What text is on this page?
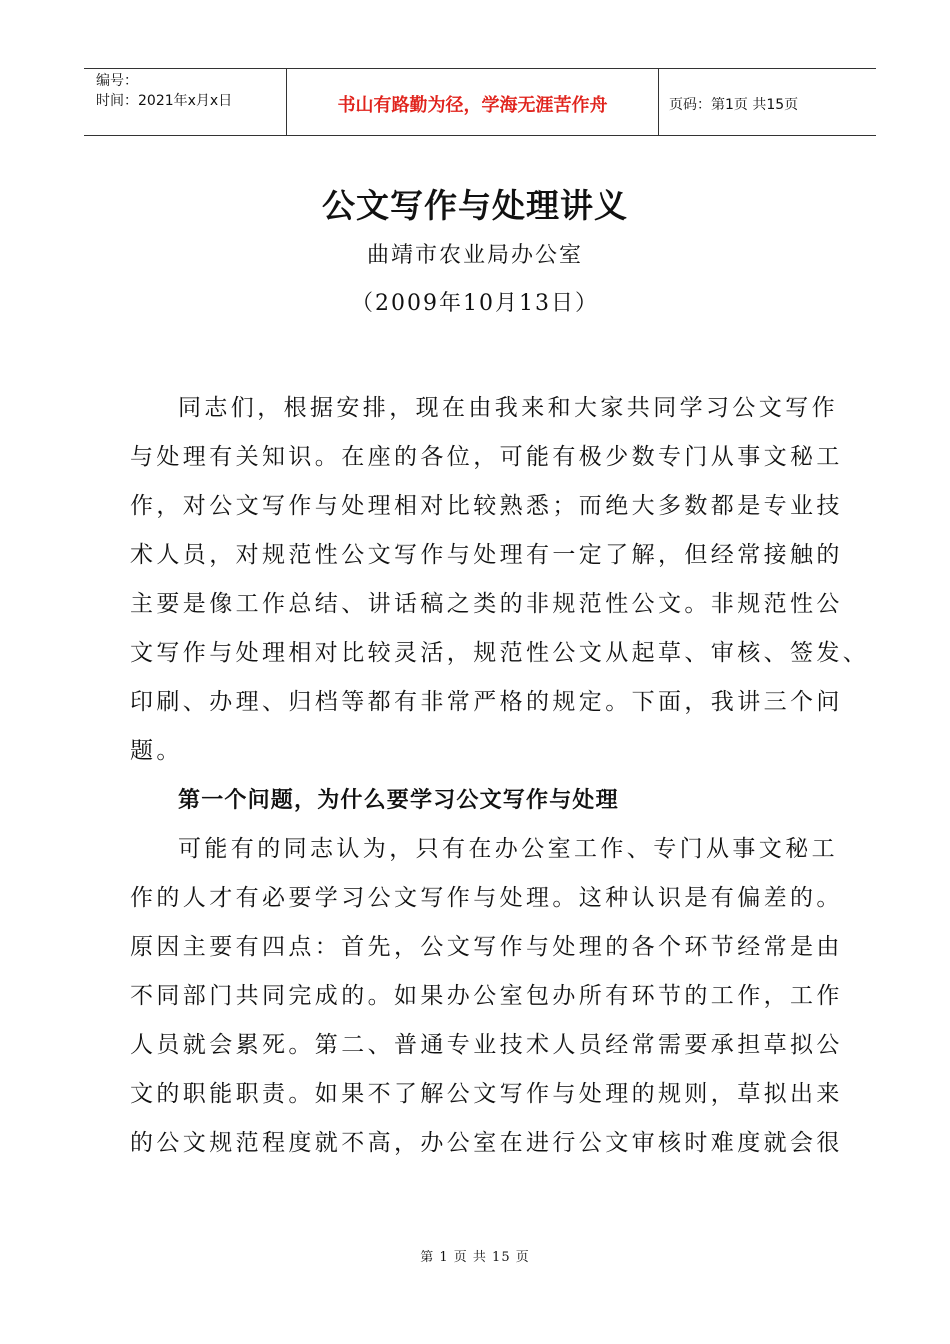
编号：
时间：2021年x月x日	书山有路勤为径，学海无涯苦作舟	页码：第1页 共15页
公文写作与处理讲义
曲靖市农业局办公室
（2009年10月13日）

同志们，根据安排，现在由我来和大家共同学习公文写作

与处理有关知识。在座的各位，可能有极少数专门从事文秘工
作，对公文写作与处理相对比较熟悉；而绝大多数都是专业技
术人员，对规范性公文写作与处理有一定了解，但经常接触的
主要是像工作总结、讲话稿之类的非规范性公文。非规范性公
文写作与处理相对比较灵活，规范性公文从起草、审核、签发、
印刷、办理、归档等都有非常严格的规定。下面，我讲三个问
题。

第一个问题，为什么要学习公文写作与处理

可能有的同志认为，只有在办公室工作、专门从事文秘工

作的人才有必要学习公文写作与处理。这种认识是有偏差的。
原因主要有四点：首先，公文写作与处理的各个环节经常是由
不同部门共同完成的。如果办公室包办所有环节的工作，工作
人员就会累死。第二、普通专业技术人员经常需要承担草拟公
文的职能职责。如果不了解公文写作与处理的规则，草拟出来
的公文规范程度就不高，办公室在进行公文审核时难度就会很
第 1 页 共 15 页
